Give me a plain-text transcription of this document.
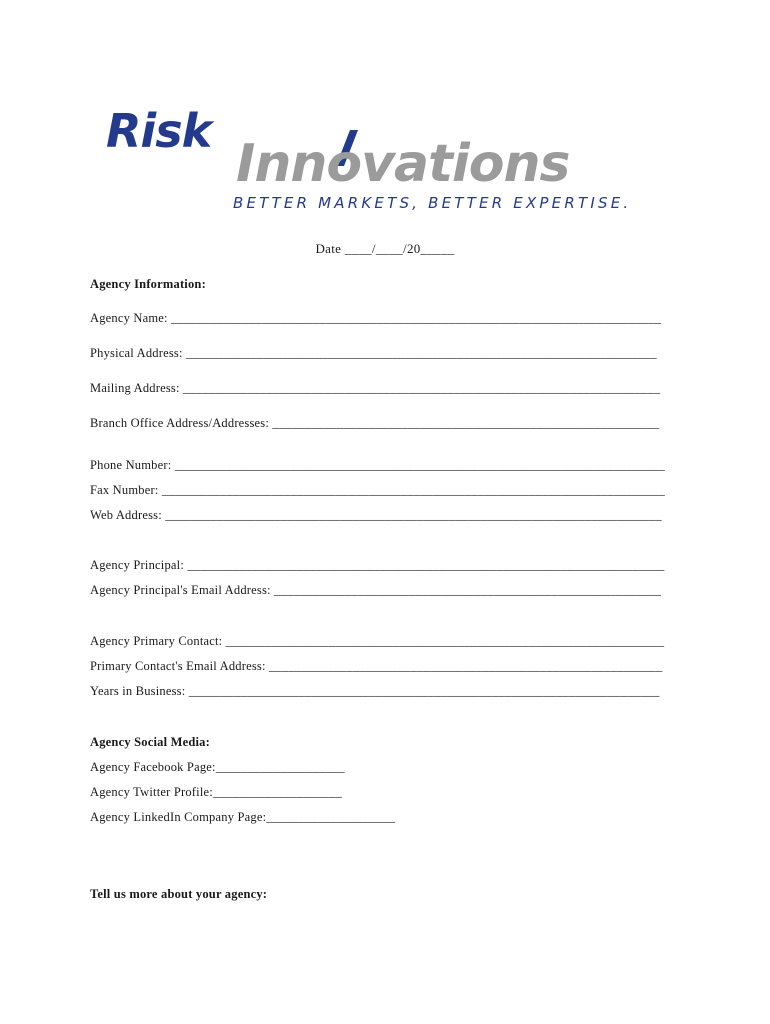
Risk
Innovations
BETTER MARKETS, BETTER EXPERTISE.
Date ____/____/20_____
Agency Information:
Agency Name: ____________________________________________________________________________
Physical Address: _________________________________________________________________________
Mailing Address: __________________________________________________________________________
Branch Office Address/Addresses: ____________________________________________________________
Phone Number: ____________________________________________________________________________
Fax Number: ______________________________________________________________________________
Web Address: _____________________________________________________________________________
Agency Principal: __________________________________________________________________________
Agency Principal's Email Address: ____________________________________________________________
Agency Primary Contact: ____________________________________________________________________
Primary Contact's Email Address: _____________________________________________________________
Years in Business: _________________________________________________________________________
Agency Social Media:
Agency Facebook Page:____________________
Agency Twitter Profile:____________________
Agency LinkedIn Company Page:____________________
Tell us more about your agency:
